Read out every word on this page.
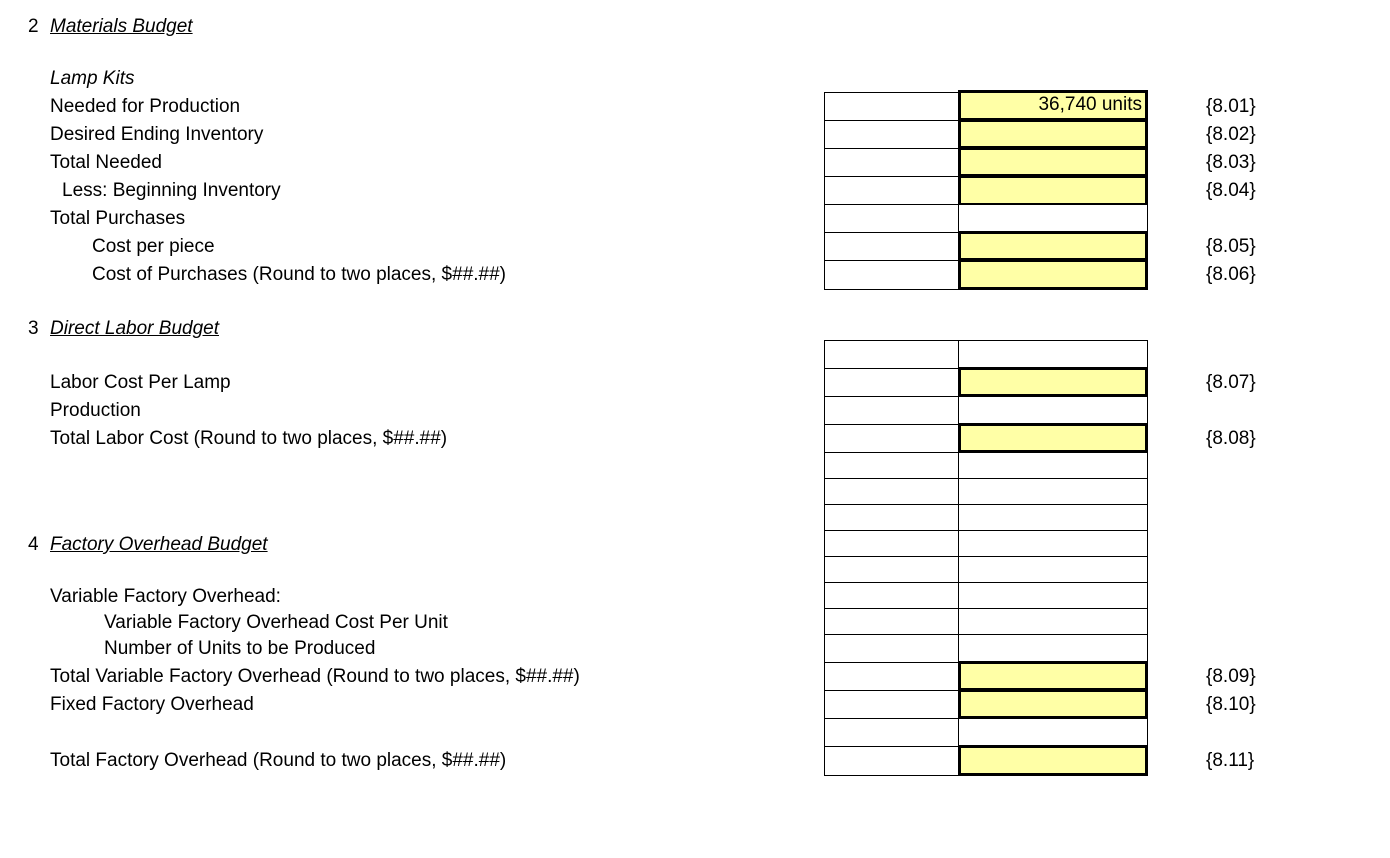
2 Materials Budget
Lamp Kits
Needed for Production
Desired Ending Inventory
Total Needed
Less: Beginning Inventory
Total Purchases
Cost per piece
Cost of Purchases (Round to two places, $##.##)
36,740 units	{8.01}
{8.02}
{8.03}
{8.04}
{8.05}
{8.06}
3 Direct Labor Budget
Labor Cost Per Lamp
Production
Total Labor Cost (Round to two places, $##.##)
{8.07}
{8.08}
4 Factory Overhead Budget
Variable Factory Overhead:
Variable Factory Overhead Cost Per Unit
Number of Units to be Produced
Total Variable Factory Overhead (Round to two places, $##.##)
Fixed Factory Overhead
Total Factory Overhead (Round to two places, $##.##)
{8.09}
{8.10}
{8.11}
